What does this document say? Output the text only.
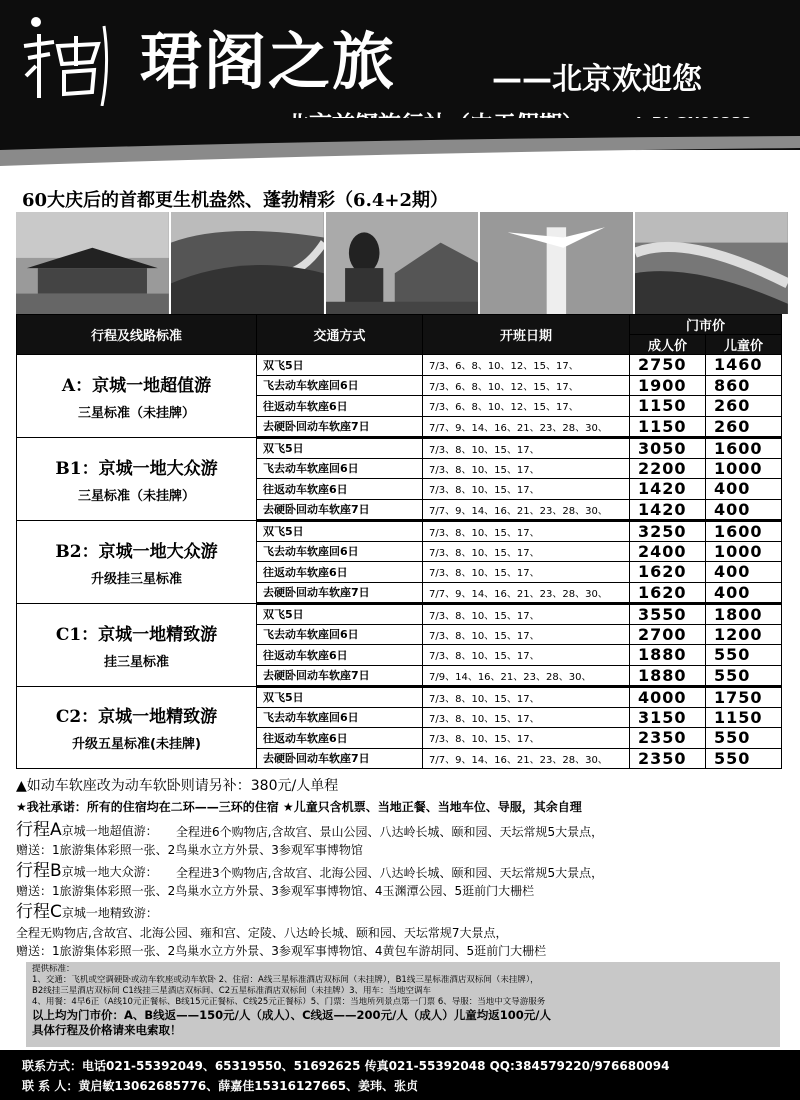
珺阁之旅	——北京欢迎您
60大庆后的首都更生机盎然、蓬勃精彩（6.4+2期）
行程及线路标准	交通方式	开班日期	门市价	
			成人价	儿童价

A：京城一地超值游
三星标准（未挂牌）	双飞5日	7/3、6、8、10、12、15、17、	2750	1460
	飞去动车软座回6日	7/3、6、8、10、12、15、17、	1900	860
	往返动车软座6日	7/3、6、8、10、12、15、17、	1150	260
	去硬卧回动车软座7日	7/7、9、14、16、21、23、28、30、	1150	260

B1：京城一地大众游
三星标准（未挂牌）	双飞5日	7/3、8、10、15、17、	3050	1600
	飞去动车软座回6日	7/3、8、10、15、17、	2200	1000
	往返动车软座6日	7/3、8、10、15、17、	1420	400
	去硬卧回动车软座7日	7/7、9、14、16、21、23、28、30、	1420	400

B2：京城一地大众游
升级挂三星标准	双飞5日	7/3、8、10、15、17、	3250	1600
	飞去动车软座回6日	7/3、8、10、15、17、	2400	1000
	往返动车软座6日	7/3、8、10、15、17、	1620	400
	去硬卧回动车软座7日	7/7、9、14、16、21、23、28、30、	1620	400

C1：京城一地精致游
挂三星标准	双飞5日	7/3、8、10、15、17、	3550	1800
	飞去动车软座回6日	7/3、8、10、15、17、	2700	1200
	往返动车软座6日	7/3、8、10、15、17、	1880	550
	去硬卧回动车软座7日	7/9、14、16、21、23、28、30、	1880	550

C2：京城一地精致游
升级五星标准(未挂牌)	双飞5日	7/3、8、10、15、17、	4000	1750
	飞去动车软座回6日	7/3、8、10、15、17、	3150	1150
	往返动车软座6日	7/3、8、10、15、17、	2350	550
	去硬卧回动车软座7日	7/7、9、14、16、21、23、28、30、	2350	550
▲如动车软座改为动车软卧则请另补：380元/人单程
★我社承诺：所有的住宿均在二环——三环的住宿 ★儿童只含机票、当地正餐、当地车位、导服，其余自理
行程A京城一地超值游：	全程进6个购物店,含故宫、景山公园、八达岭长城、颐和园、天坛常规5大景点，
赠送：1旅游集体彩照一张、2鸟巢水立方外景、3参观军事博物馆
行程B京城一地大众游：	全程进3个购物店,含故宫、北海公园、八达岭长城、颐和园、天坛常规5大景点，
赠送：1旅游集体彩照一张、2鸟巢水立方外景、3参观军事博物馆、4玉渊潭公园、5逛前门大栅栏
行程C京城一地精致游：
全程无购物店,含故宫、北海公园、雍和宫、定陵、八达岭长城、颐和园、天坛常规7大景点，
赠送：1旅游集体彩照一张、2鸟巢水立方外景、3参观军事博物馆、4黄包车游胡同、5逛前门大栅栏
提供标准：
1、交通：飞机或空调硬卧或动车软座或动车软卧 2、住宿：A线三星标准酒店双标间（未挂牌），B1线三星标准酒店双标间（未挂牌），
B2线挂三星酒店双标间 C1线挂三星酒店双标间、C2五星标准酒店双标间（未挂牌）3、用车：当地空调车
4、用餐：4早6正（A线10元正餐标、B线15元正餐标、C线25元正餐标）5、门票：当地所列景点第一门票 6、导服：当地中文导游服务
以上均为门市价：A、B线返——150元/人（成人）、C线返——200元/人（成人）儿童均返100元/人
具体行程及价格请来电索取！
联系方式：电话021-55392049、65319550、51692625 传真021-55392048 QQ:384579220/976680094
联 系 人：黄启敏13062685776、薛嘉佳15316127665、姜玮、张贞
